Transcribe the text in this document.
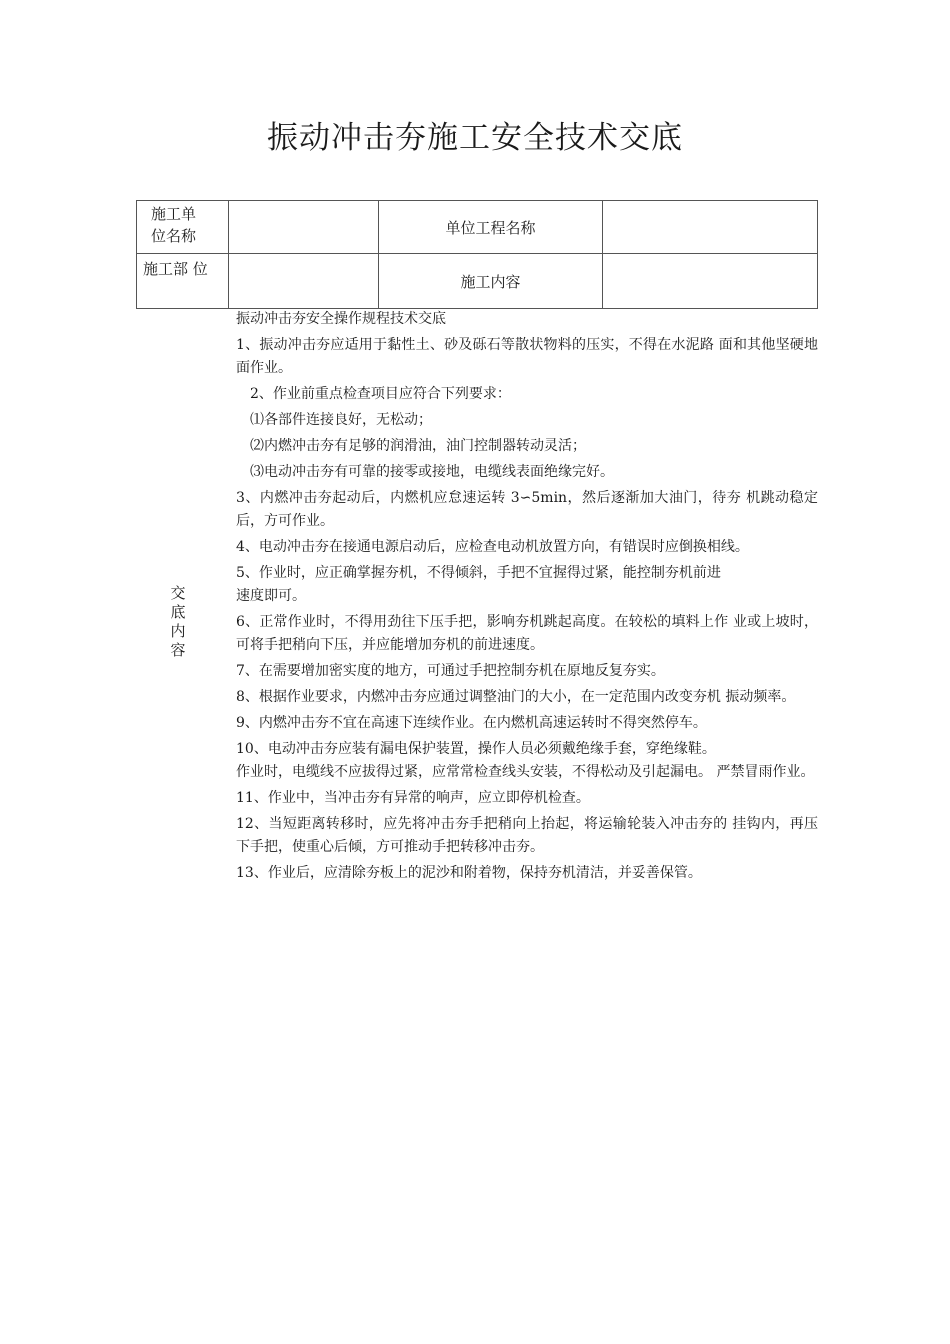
振动冲击夯施工安全技术交底
施工单
位名称		单位工程名称	
施工部 位		施工内容	
交
底
内
容

振动冲击夯安全操作规程技术交底

1、振动冲击夯应适用于黏性土、砂及砾石等散状物料的压实，不得在水泥路 面和其他坚硬地面作业。

2、作业前重点检查项目应符合下列要求：

⑴各部件连接良好，无松动；

⑵内燃冲击夯有足够的润滑油，油门控制器转动灵活；

⑶电动冲击夯有可靠的接零或接地，电缆线表面绝缘完好。

3、内燃冲击夯起动后，内燃机应怠速运转 3∽5min，然后逐渐加大油门，待夯 机跳动稳定后，方可作业。

4、电动冲击夯在接通电源启动后，应检查电动机放置方向，有错误时应倒换相线。

5、作业时，应正确掌握夯机，不得倾斜，手把不宜握得过紧，能控制夯机前进

速度即可。

6、正常作业时，不得用劲往下压手把，影响夯机跳起高度。在较松的填料上作 业或上坡时，可将手把稍向下压，并应能增加夯机的前进速度。

7、在需要增加密实度的地方，可通过手把控制夯机在原地反复夯实。

8、根据作业要求，内燃冲击夯应通过调整油门的大小，在一定范围内改变夯机 振动频率。

9、内燃冲击夯不宜在高速下连续作业。在内燃机高速运转时不得突然停车。

10、电动冲击夯应装有漏电保护装置，操作人员必须戴绝缘手套，穿绝缘鞋。

作业时，电缆线不应拔得过紧，应常常检查线头安装，不得松动及引起漏电。 严禁冒雨作业。

11、作业中，当冲击夯有异常的响声，应立即停机检查。

12、当短距离转移时，应先将冲击夯手把稍向上抬起，将运输轮装入冲击夯的 挂钩内，再压下手把，使重心后倾，方可推动手把转移冲击夯。

13、作业后，应清除夯板上的泥沙和附着物，保持夯机清洁，并妥善保管。
